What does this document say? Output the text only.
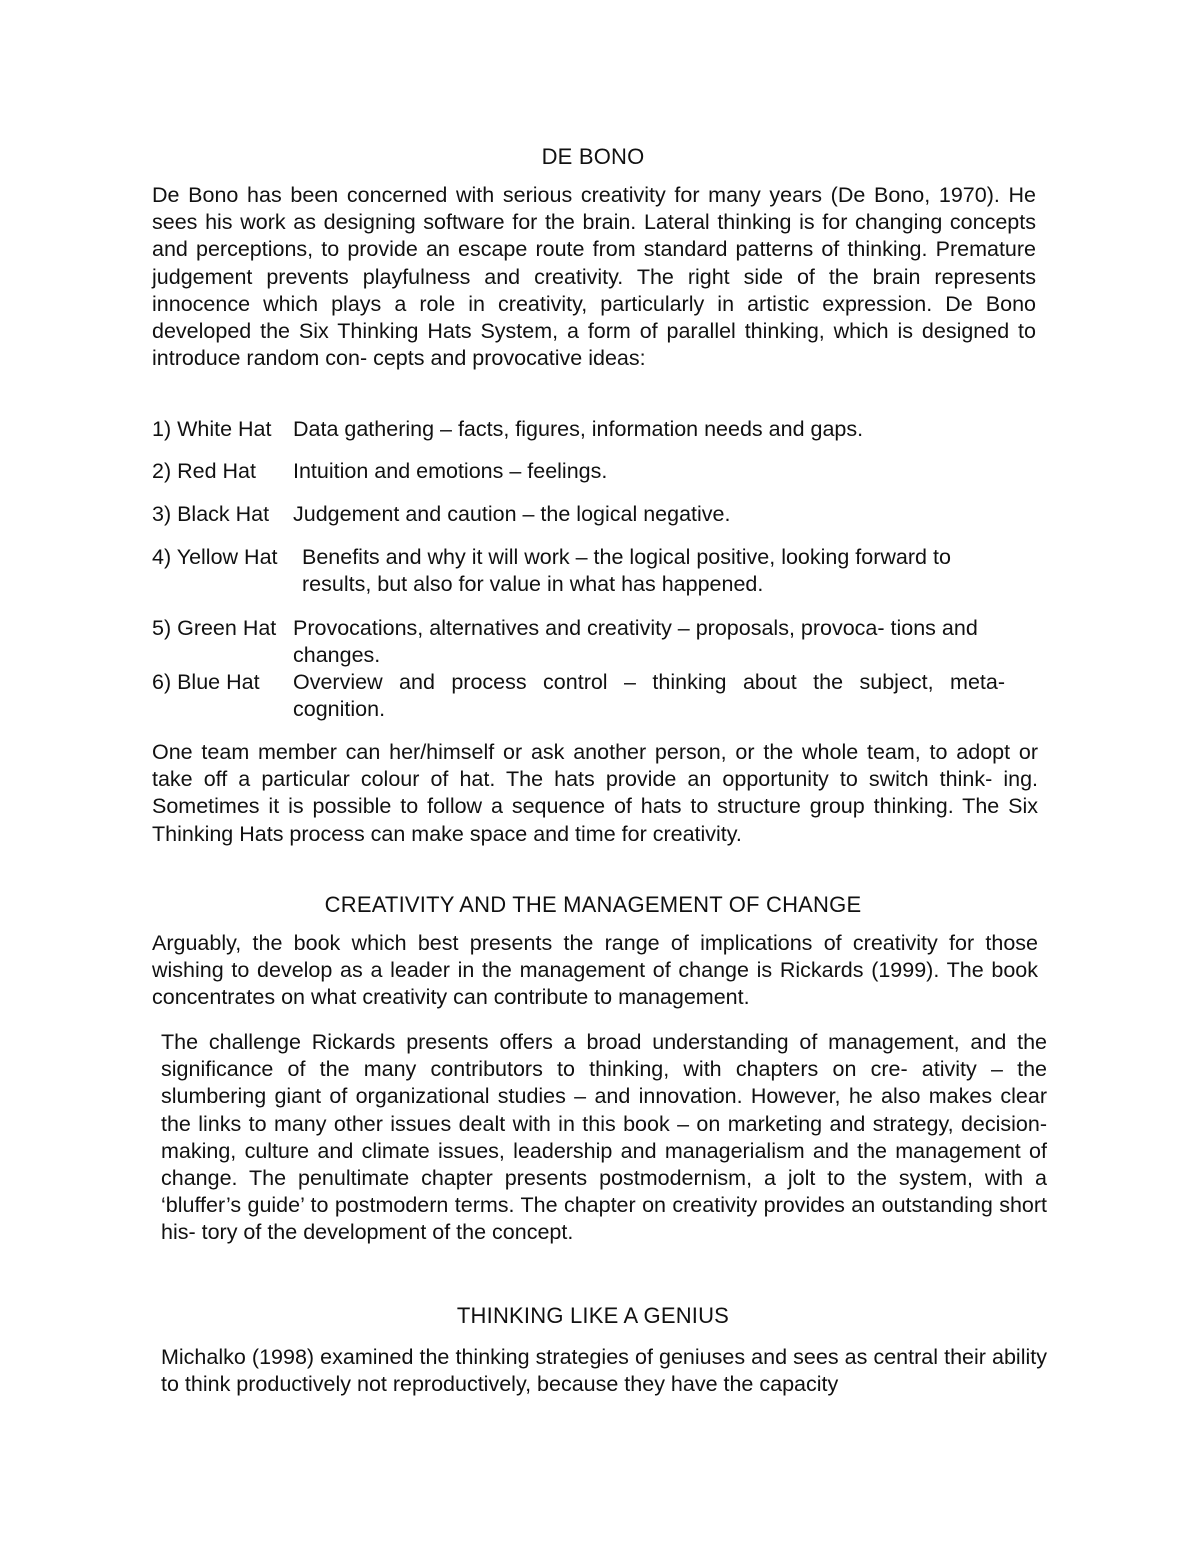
DE BONO

De Bono has been concerned with serious creativity for many years (De Bono, 1970). He sees his work as designing software for the brain. Lateral thinking is for changing concepts and perceptions, to provide an escape route from standard patterns of thinking. Premature judgement prevents playfulness and creativity. The right side of the brain represents innocence which plays a role in creativity, particularly in artistic expression. De Bono developed the Six Thinking Hats System, a form of parallel thinking, which is designed to introduce random con- cepts and provocative ideas:

1) White Hat Data gathering – facts, figures, information needs and gaps.
2) Red Hat Intuition and emotions – feelings.
3) Black Hat Judgement and caution – the logical negative.
4) Yellow Hat Benefits and why it will work – the logical positive, looking forward to results, but also for value in what has happened.
5) Green Hat Provocations, alternatives and creativity – proposals, provoca- tions and changes.
6) Blue Hat Overview and process control – thinking about the subject, meta- cognition.

One team member can her/himself or ask another person, or the whole team, to adopt or take off a particular colour of hat. The hats provide an opportunity to switch think- ing. Sometimes it is possible to follow a sequence of hats to structure group thinking. The Six Thinking Hats process can make space and time for creativity.

CREATIVITY AND THE MANAGEMENT OF CHANGE

Arguably, the book which best presents the range of implications of creativity for those wishing to develop as a leader in the management of change is Rickards (1999). The book concentrates on what creativity can contribute to management.

The challenge Rickards presents offers a broad understanding of management, and the significance of the many contributors to thinking, with chapters on cre- ativity – the slumbering giant of organizational studies – and innovation. However, he also makes clear the links to many other issues dealt with in this book – on marketing and strategy, decision-making, culture and climate issues, leadership and managerialism and the management of change. The penultimate chapter presents postmodernism, a jolt to the system, with a ‘bluffer’s guide’ to postmodern terms. The chapter on creativity provides an outstanding short his- tory of the development of the concept.

THINKING LIKE A GENIUS

Michalko (1998) examined the thinking strategies of geniuses and sees as central their ability to think productively not reproductively, because they have the capacity
